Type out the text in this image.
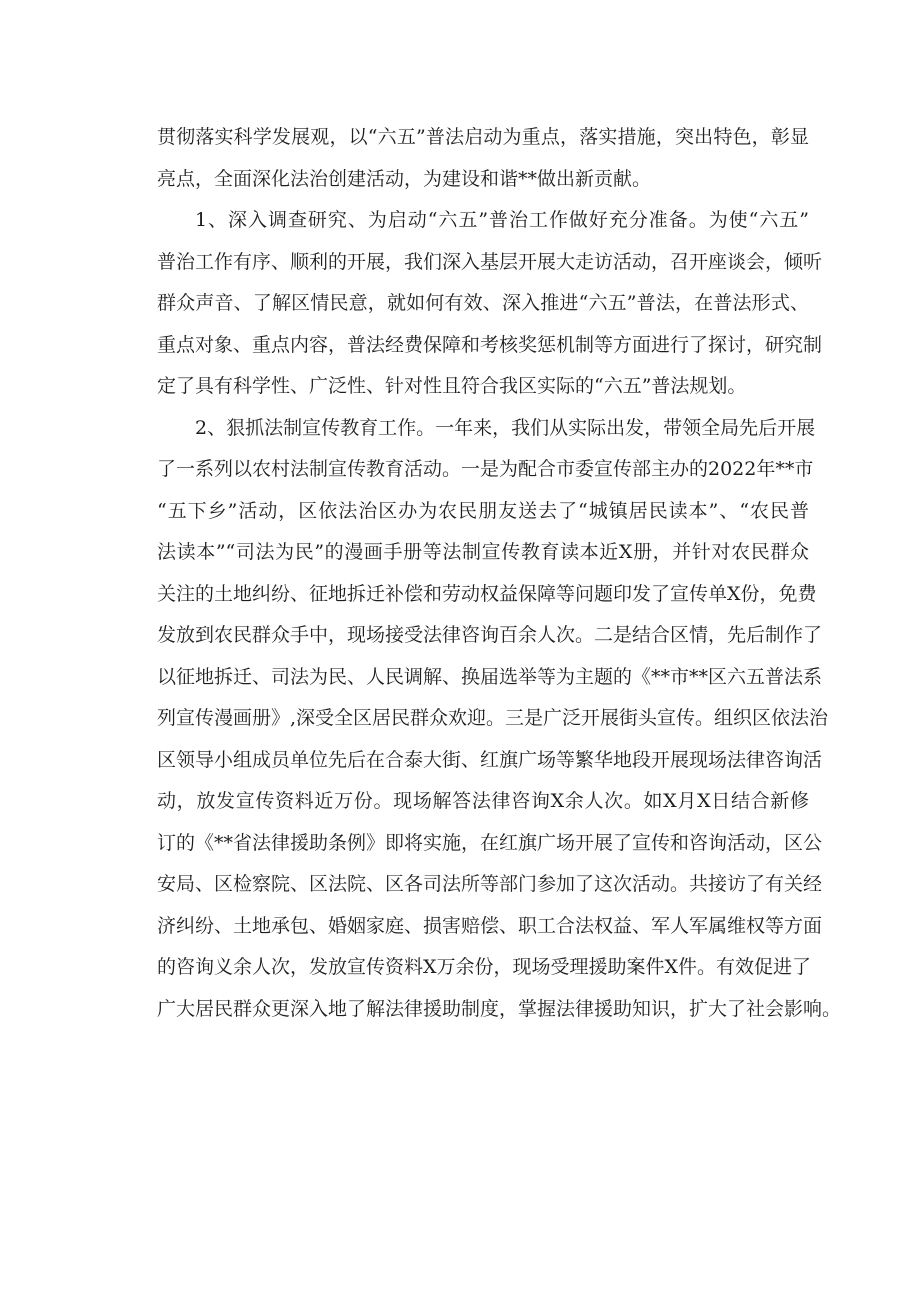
贯彻落实科学发展观，以“六五”普法启动为重点，落实措施，突出特色，彰显
亮点，全面深化法治创建活动，为建设和谐**做出新贡献。
1、深入调查研究、为启动“六五”普治工作做好充分准备。为使“六五”
普治工作有序、顺利的开展，我们深入基层开展大走访活动，召开座谈会，倾听
群众声音、了解区情民意，就如何有效、深入推进“六五”普法，在普法形式、
重点对象、重点内容，普法经费保障和考核奖惩机制等方面进行了探讨，研究制
定了具有科学性、广泛性、针对性且符合我区实际的“六五”普法规划。
2、狠抓法制宣传教育工作。一年来，我们从实际出发，带领全局先后开展
了一系列以农村法制宣传教育活动。一是为配合市委宣传部主办的2022年**市
“五下乡”活动，区依法治区办为农民朋友送去了“城镇居民读本”、“农民普
法读本”“司法为民”的漫画手册等法制宣传教育读本近X册，并针对农民群众
关注的土地纠纷、征地拆迁补偿和劳动权益保障等问题印发了宣传单X份，免费
发放到农民群众手中，现场接受法律咨询百余人次。二是结合区情，先后制作了
以征地拆迁、司法为民、人民调解、换届选举等为主题的《**市**区六五普法系
列宣传漫画册》,深受全区居民群众欢迎。三是广泛开展街头宣传。组织区依法治
区领导小组成员单位先后在合泰大街、红旗广场等繁华地段开展现场法律咨询活
动，放发宣传资料近万份。现场解答法律咨询X余人次。如X月X日结合新修
订的《**省法律援助条例》即将实施，在红旗广场开展了宣传和咨询活动，区公
安局、区检察院、区法院、区各司法所等部门参加了这次活动。共接访了有关经
济纠纷、土地承包、婚姻家庭、损害赔偿、职工合法权益、军人军属维权等方面
的咨询义余人次，发放宣传资料X万余份，现场受理援助案件X件。有效促进了
广大居民群众更深入地了解法律援助制度，掌握法律援助知识，扩大了社会影响。
